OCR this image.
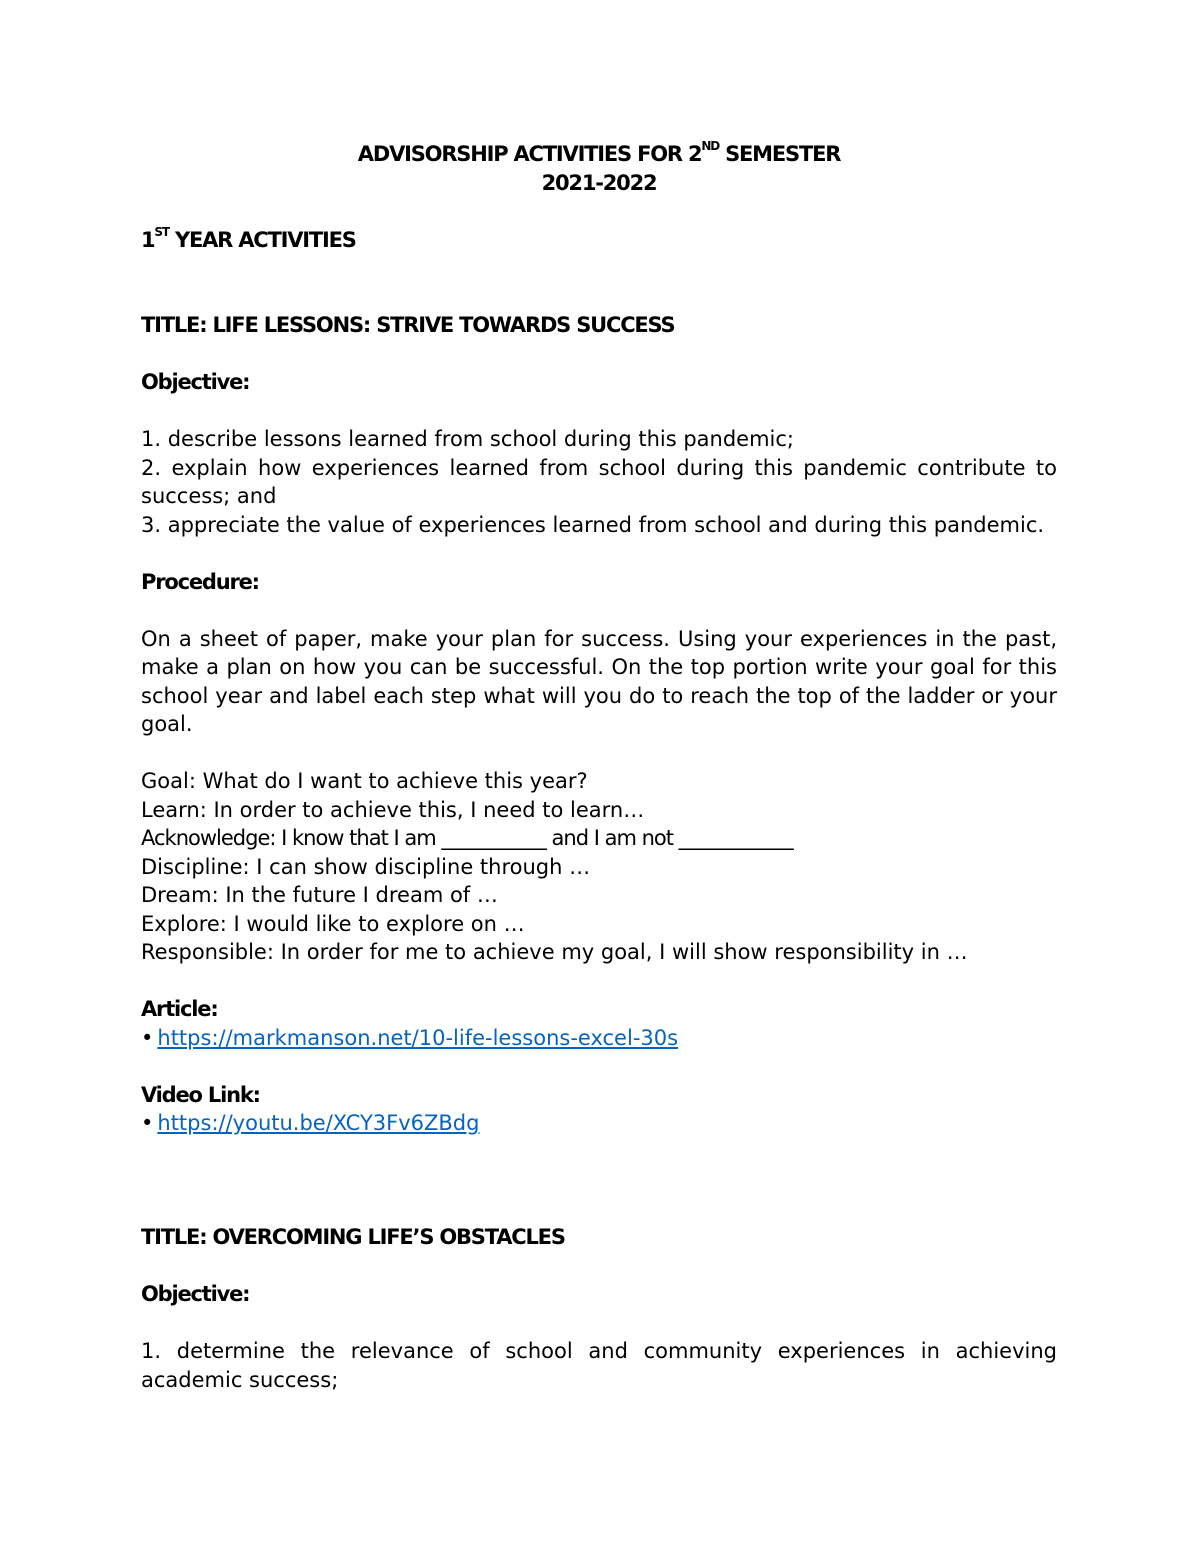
ADVISORSHIP ACTIVITIES FOR 2ND SEMESTER

2021-2022

1ST YEAR ACTIVITIES

TITLE: LIFE LESSONS: STRIVE TOWARDS SUCCESS

Objective:

1. describe lessons learned from school during this pandemic;

2. explain how experiences learned from school during this pandemic contribute to success; and

3. appreciate the value of experiences learned from school and during this pandemic.

Procedure:

On a sheet of paper, make your plan for success. Using your experiences in the past, make a plan on how you can be successful. On the top portion write your goal for this school year and label each step what will you do to reach the top of the ladder or your goal.

Goal: What do I want to achieve this year?

Learn: In order to achieve this, I need to learn…

Acknowledge: I know that I am ___________ and I am not ____________

Discipline: I can show discipline through …

Dream: In the future I dream of …

Explore: I would like to explore on …

Responsible: In order for me to achieve my goal, I will show responsibility in …

Article:

• https://markmanson.net/10-life-lessons-excel-30s

Video Link:

• https://youtu.be/XCY3Fv6ZBdg

TITLE: OVERCOMING LIFE’S OBSTACLES

Objective:

1. determine the relevance of school and community experiences in achieving academic success;
